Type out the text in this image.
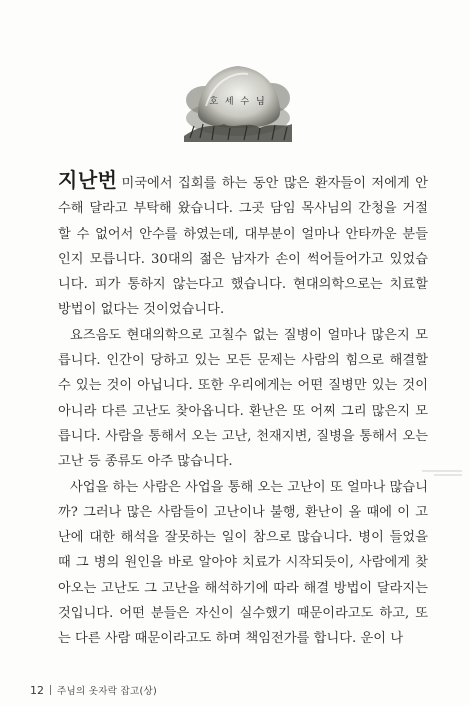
호 세 수 님

지난번 미국에서 집회를 하는 동안 많은 환자들이 저에게 안수해 달라고 부탁해 왔습니다. 그곳 담임 목사님의 간청을 거절할 수 없어서 안수를 하였는데, 대부분이 얼마나 안타까운 분들인지 모릅니다. 30대의 젊은 남자가 손이 썩어들어가고 있었습니다. 피가 통하지 않는다고 했습니다. 현대의학으로는 치료할 방법이 없다는 것이었습니다.

요즈음도 현대의학으로 고칠수 없는 질병이 얼마나 많은지 모릅니다. 인간이 당하고 있는 모든 문제는 사람의 힘으로 해결할 수 있는 것이 아닙니다. 또한 우리에게는 어떤 질병만 있는 것이 아니라 다른 고난도 찾아옵니다. 환난은 또 어찌 그리 많은지 모릅니다. 사람을 통해서 오는 고난, 천재지변, 질병을 통해서 오는 고난 등 종류도 아주 많습니다.

사업을 하는 사람은 사업을 통해 오는 고난이 또 얼마나 많습니까? 그러나 많은 사람들이 고난이나 불행, 환난이 올 때에 이 고난에 대한 해석을 잘못하는 일이 참으로 많습니다. 병이 들었을 때 그 병의 원인을 바로 알아야 치료가 시작되듯이, 사람에게 찾아오는 고난도 그 고난을 해석하기에 따라 해결 방법이 달라지는 것입니다. 어떤 분들은 자신이 실수했기 때문이라고도 하고, 또는 다른 사람 때문이라고도 하며 책임전가를 합니다. 운이 나

12 주님의 옷자락 잡고(상)
